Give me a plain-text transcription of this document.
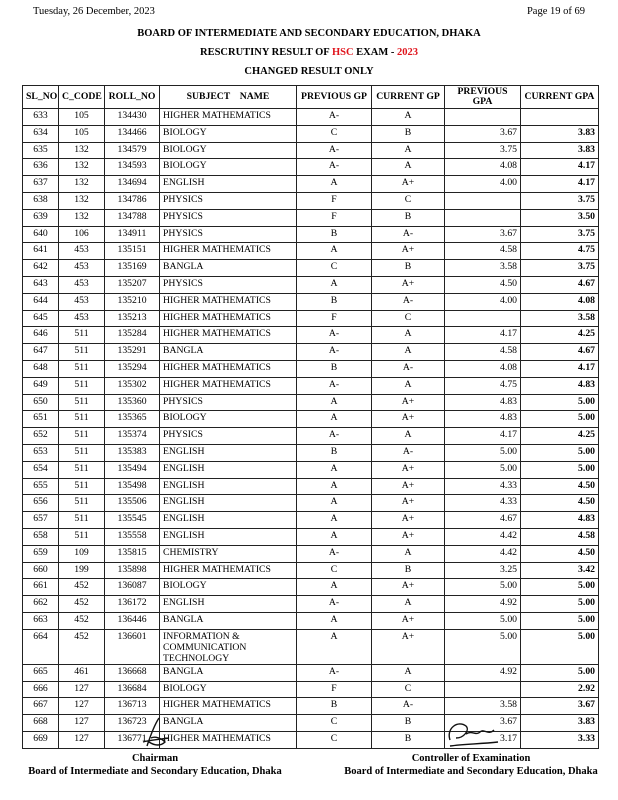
Tuesday, 26 December, 2023	Page 19 of 69
BOARD OF INTERMEDIATE AND SECONDARY EDUCATION, DHAKA
RESCRUTINY RESULT OF HSC EXAM - 2023
CHANGED RESULT ONLY
SL_NO	C_CODE	ROLL_NO	SUBJECT    NAME	PREVIOUS GP	CURRENT GP	PREVIOUS GPA	CURRENT GPA
633	105	134430	HIGHER MATHEMATICS	A-	A		
634	105	134466	BIOLOGY	C	B	3.67	3.83
635	132	134579	BIOLOGY	A-	A	3.75	3.83
636	132	134593	BIOLOGY	A-	A	4.08	4.17
637	132	134694	ENGLISH	A	A+	4.00	4.17
638	132	134786	PHYSICS	F	C		3.75
639	132	134788	PHYSICS	F	B		3.50
640	106	134911	PHYSICS	B	A-	3.67	3.75
641	453	135151	HIGHER MATHEMATICS	A	A+	4.58	4.75
642	453	135169	BANGLA	C	B	3.58	3.75
643	453	135207	PHYSICS	A	A+	4.50	4.67
644	453	135210	HIGHER MATHEMATICS	B	A-	4.00	4.08
645	453	135213	HIGHER MATHEMATICS	F	C		3.58
646	511	135284	HIGHER MATHEMATICS	A-	A	4.17	4.25
647	511	135291	BANGLA	A-	A	4.58	4.67
648	511	135294	HIGHER MATHEMATICS	B	A-	4.08	4.17
649	511	135302	HIGHER MATHEMATICS	A-	A	4.75	4.83
650	511	135360	PHYSICS	A	A+	4.83	5.00
651	511	135365	BIOLOGY	A	A+	4.83	5.00
652	511	135374	PHYSICS	A-	A	4.17	4.25
653	511	135383	ENGLISH	B	A-	5.00	5.00
654	511	135494	ENGLISH	A	A+	5.00	5.00
655	511	135498	ENGLISH	A	A+	4.33	4.50
656	511	135506	ENGLISH	A	A+	4.33	4.50
657	511	135545	ENGLISH	A	A+	4.67	4.83
658	511	135558	ENGLISH	A	A+	4.42	4.58
659	109	135815	CHEMISTRY	A-	A	4.42	4.50
660	199	135898	HIGHER MATHEMATICS	C	B	3.25	3.42
661	452	136087	BIOLOGY	A	A+	5.00	5.00
662	452	136172	ENGLISH	A-	A	4.92	5.00
663	452	136446	BANGLA	A	A+	5.00	5.00
664	452	136601	INFORMATION & COMMUNICATION TECHNOLOGY	A	A+	5.00	5.00
665	461	136668	BANGLA	A-	A	4.92	5.00
666	127	136684	BIOLOGY	F	C		2.92
667	127	136713	HIGHER MATHEMATICS	B	A-	3.58	3.67
668	127	136723	BANGLA	C	B	3.67	3.83
669	127	136771	HIGHER MATHEMATICS	C	B	3.17	3.33
Chairman
Board of Intermediate and Secondary Education, Dhaka
Controller of Examination
Board of Intermediate and Secondary Education, Dhaka
